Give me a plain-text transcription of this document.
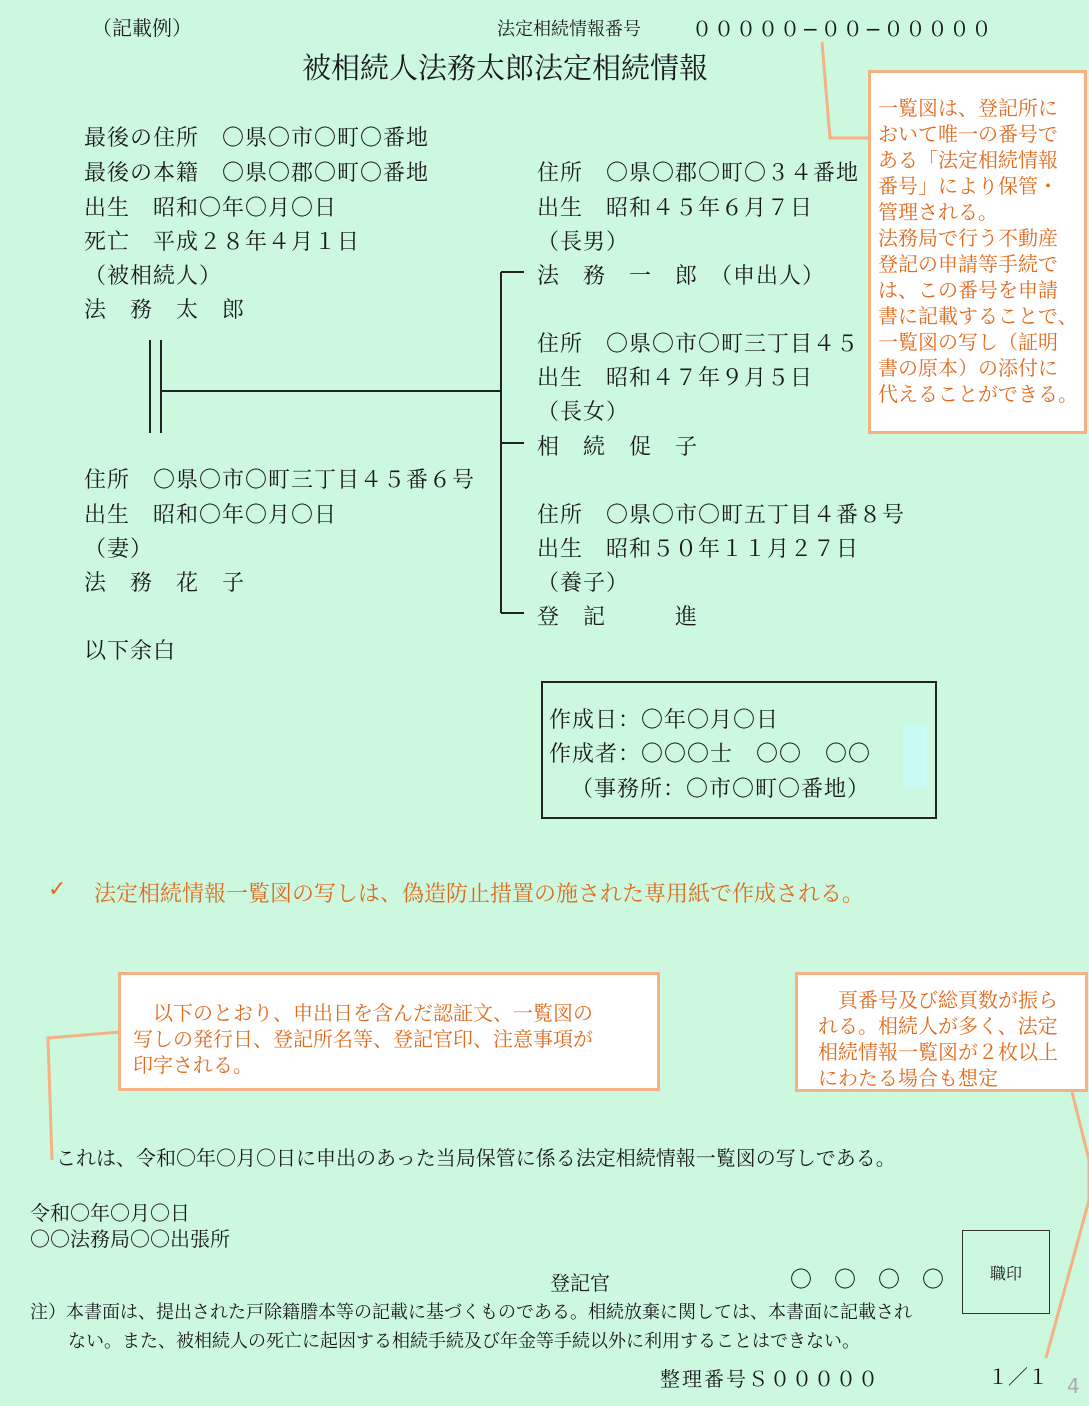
（記載例）	法定相続情報番号	０００００−００−０００００
被相続人法務太郎法定相続情報
最後の住所　〇県〇市〇町〇番地
最後の本籍　〇県〇郡〇町〇番地
出生　昭和〇年〇月〇日
死亡　平成２８年４月１日
（被相続人）
法　務　太　郎
住所　〇県〇市〇町三丁目４５番６号
出生　昭和〇年〇月〇日
（妻）
法　務　花　子
以下余白
住所　〇県〇郡〇町〇３４番地
出生　昭和４５年６月７日
（長男）
法　務　一　郎　（申出人）
住所　〇県〇市〇町三丁目４５
出生　昭和４７年９月５日
（長女）
相　続　促　子
住所　〇県〇市〇町五丁目４番８号
出生　昭和５０年１１月２７日
（養子）
登　記　　　進
一覧図は、登記所に
おいて唯一の番号で
ある「法定相続情報
番号」により保管・
管理される。
法務局で行う不動産
登記の申請等手続で
は、この番号を申請
書に記載することで、
一覧図の写し（証明
書の原本）の添付に
代えることができる。
作成日：〇年〇月〇日
作成者：〇〇〇士　〇〇　〇〇
（事務所：〇市〇町〇番地）
✓ 法定相続情報一覧図の写しは、偽造防止措置の施された専用紙で作成される。
　以下のとおり、申出日を含んだ認証文、一覧図の
写しの発行日、登記所名等、登記官印、注意事項が
印字される。
　頁番号及び総頁数が振ら
れる。相続人が多く、法定
相続情報一覧図が２枚以上
にわたる場合も想定
これは、令和〇年〇月〇日に申出のあった当局保管に係る法定相続情報一覧図の写しである。
令和〇年〇月〇日
〇〇法務局〇〇出張所
登記官	〇　〇　〇　〇	職印
注）本書面は、提出された戸除籍謄本等の記載に基づくものである。相続放棄に関しては、本書面に記載され
ない。また、被相続人の死亡に起因する相続手続及び年金等手続以外に利用することはできない。
整理番号Ｓ０００００	１／１ 4
